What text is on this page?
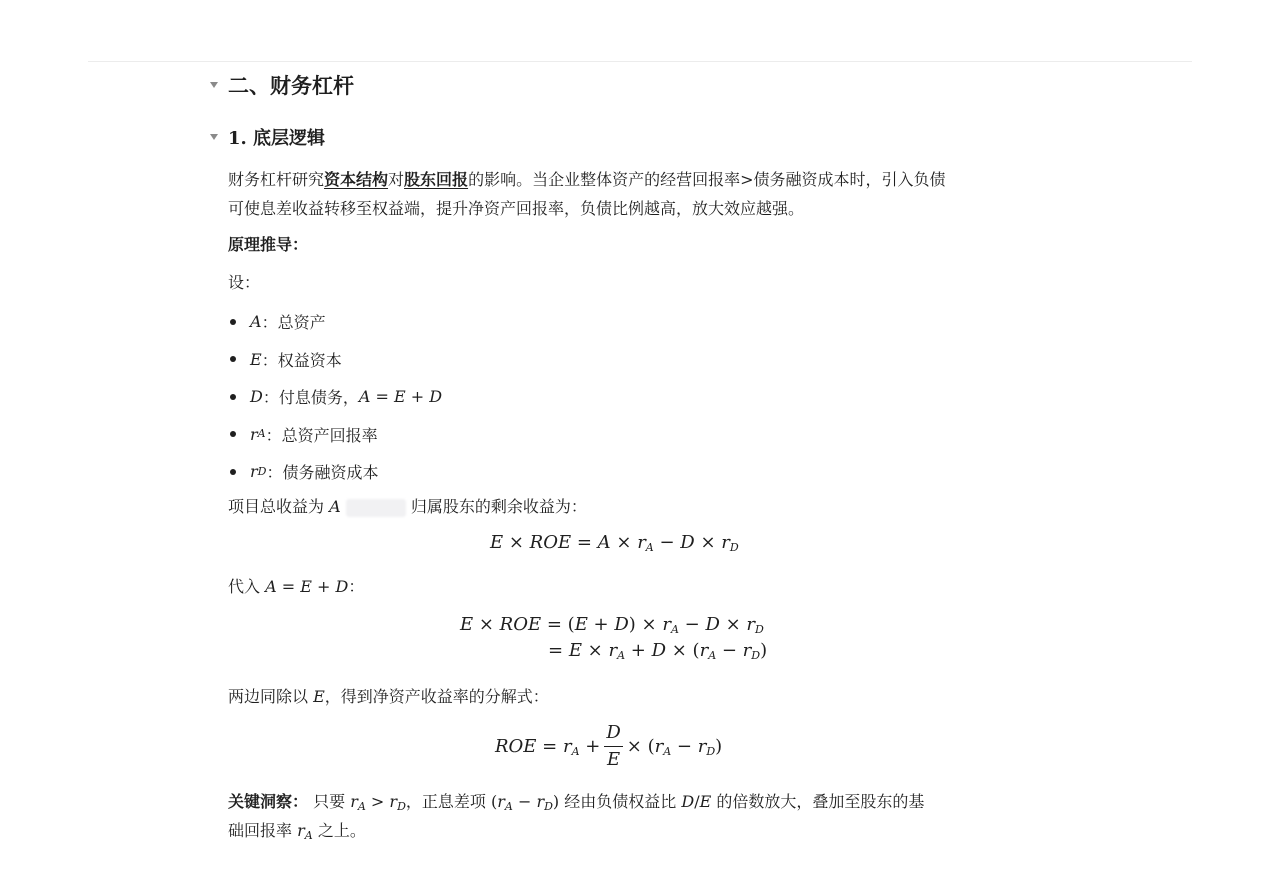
二、财务杠杆
1. 底层逻辑
财务杠杆研究资本结构对股东回报的影响。当企业整体资产的经营回报率>债务融资成本时，引入负债
可使息差收益转移至权益端，提升净资产回报率，负债比例越高，放大效应越强。
原理推导：
设：
A ：总资产
E ：权益资本
D ：付息债务， A = E + D
r A ：总资产回报率
r D ：债务融资成本
项目总收益为 A	归属股东的剩余收益为：
E × ROE = $A \times r_A - D \times r_D$
代入 A = E + D：
E × ROE = $(E + D) \times r_A - D \times r_D$
= $E \times r_A + D \times (r_A - r_D)$
两边同除以 E，得到净资产收益率的分解式：
ROE = $r_A + \frac{D}{E} \times (r_A - r_D)$
关键洞察： 只要 $r_A > r_D$，正息差项 $(r_A - r_D)$ 经由负债权益比 D/E 的倍数放大，叠加至股东的基
础回报率 $r_A$ 之上。
